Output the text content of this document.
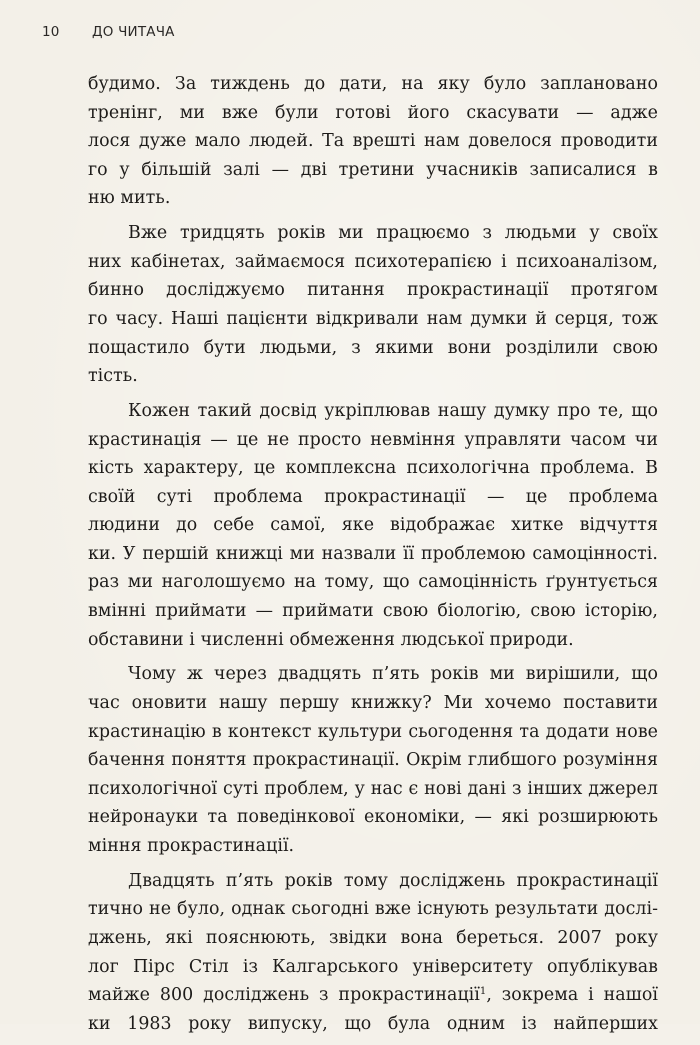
10	ДО ЧИТАЧА
будимо. За тиждень до дати, на яку було заплановано
тренінг, ми вже були готові його скасувати — адже
лося дуже мало людей. Та врешті нам довелося проводити
го у більшій залі — дві третини учасників записалися в
ню мить.
Вже тридцять років ми працюємо з людьми у своїх
них кабінетах, займаємося психотерапією і психоаналізом,
бинно досліджуємо питання прокрастинації протягом
го часу. Наші пацієнти відкривали нам думки й серця, тож
пощастило бути людьми, з якими вони розділили свою
тість.
Кожен такий досвід укріплював нашу думку про те, що
крастинація — це не просто невміння управляти часом чи
кість характеру, це комплексна психологічна проблема. В
своїй суті проблема прокрастинації — це проблема
людини до себе самої, яке відображає хитке відчуття
ки. У першій книжці ми назвали її проблемою самоцінності.
раз ми наголошуємо на тому, що самоцінність ґрунтується
вмінні приймати — приймати свою біологію, свою історію,
обставини і численні обмеження людської природи.
Чому ж через двадцять п’ять років ми вирішили, що
час оновити нашу першу книжку? Ми хочемо поставити
крастинацію в контекст культури сьогодення та додати нове
бачення поняття прокрастинації. Окрім глибшого розуміння
психологічної суті проблем, у нас є нові дані з інших джерел
нейронауки та поведінкової економіки, — які розширюють
міння прокрастинації.
Двадцять п’ять років тому досліджень прокрастинації
тично не було, однак сьогодні вже існують результати дослі-
джень, які пояснюють, звідки вона береться. 2007 року
лог Пірс Стіл із Калгарського університету опублікував
майже 800 досліджень з прокрастинації$^1$, зокрема і нашої
ки 1983 року випуску, що була одним із найперших
